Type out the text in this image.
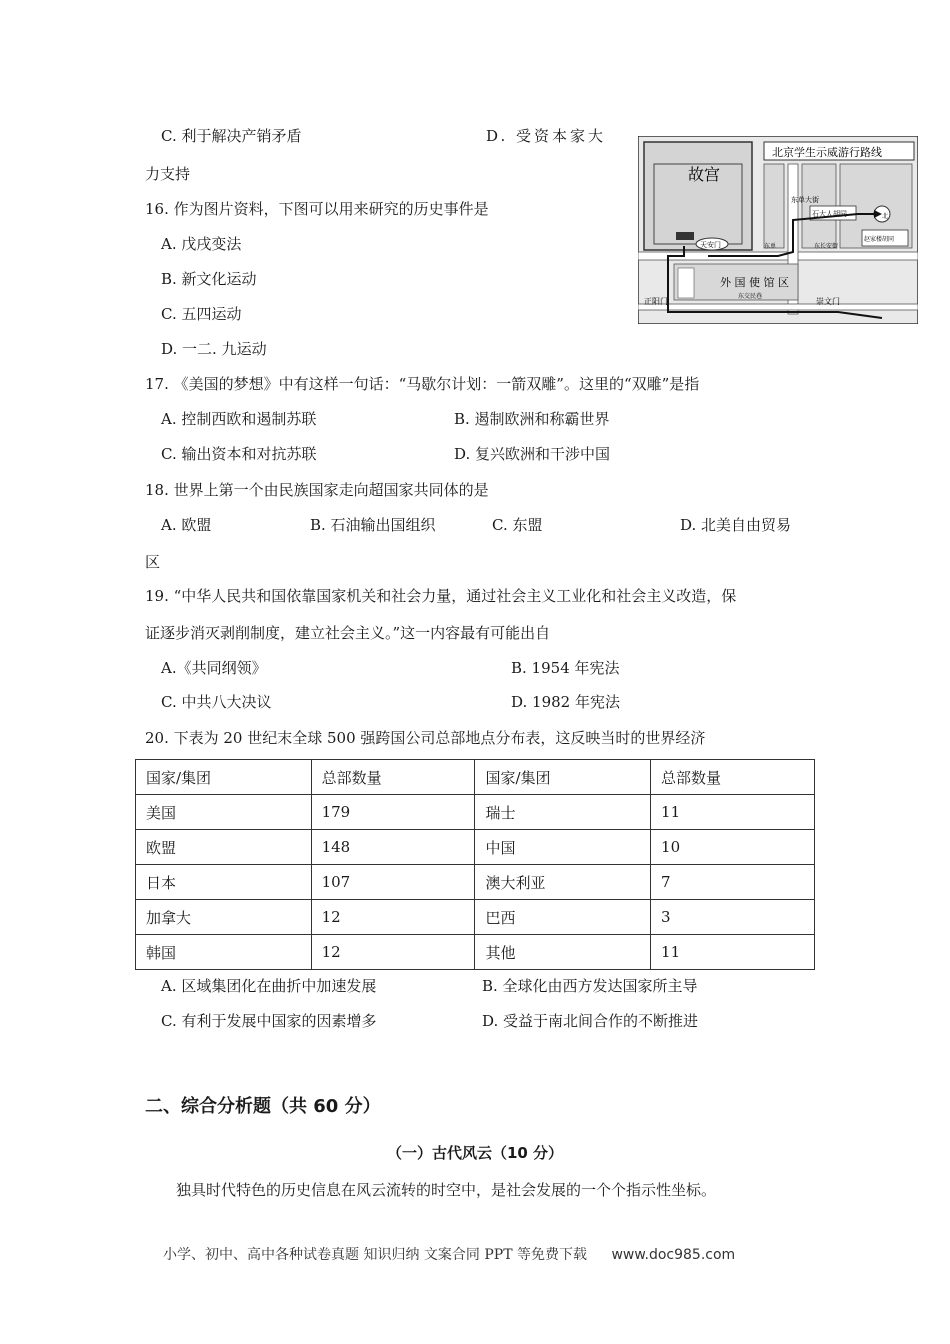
C. 利于解决产销矛盾	D. 受资本家大
力支持
16. 作为图片资料，下图可以用来研究的历史事件是
A. 戊戌变法
B. 新文化运动
C. 五四运动
D. 一二. 九运动
故宫
天安门
北京学生示威游行路线
东单大街
石大人胡同
赵家楼胡同
东单	东长安街
外 国 使 馆 区
东交民巷
正阳门	崇文门
北
17. 《美国的梦想》中有这样一句话：“马歇尔计划：一箭双雕”。这里的“双雕”是指
A. 控制西欧和遏制苏联	B. 遏制欧洲和称霸世界
C. 输出资本和对抗苏联	D. 复兴欧洲和干涉中国
18. 世界上第一个由民族国家走向超国家共同体的是
A. 欧盟	B. 石油输出国组织	C. 东盟	D. 北美自由贸易
区
19. “中华人民共和国依靠国家机关和社会力量，通过社会主义工业化和社会主义改造，保
证逐步消灭剥削制度，建立社会主义。”这一内容最有可能出自
A.《共同纲领》	B. 1954 年宪法
C. 中共八大决议	D. 1982 年宪法
20. 下表为 20 世纪末全球 500 强跨国公司总部地点分布表，这反映当时的世界经济
国家/集团	总部数量	国家/集团	总部数量
美国	179	瑞士	11
欧盟	148	中国	10
日本	107	澳大利亚	7
加拿大	12	巴西	3
韩国	12	其他	11
A. 区域集团化在曲折中加速发展	B. 全球化由西方发达国家所主导
C. 有利于发展中国家的因素增多	D. 受益于南北间合作的不断推进
二、综合分析题（共 60 分）
（一）古代风云（10 分）
独具时代特色的历史信息在风云流转的时空中，是社会发展的一个个指示性坐标。
小学、初中、高中各种试卷真题 知识归纳 文案合同 PPT 等免费下载 www.doc985.com
